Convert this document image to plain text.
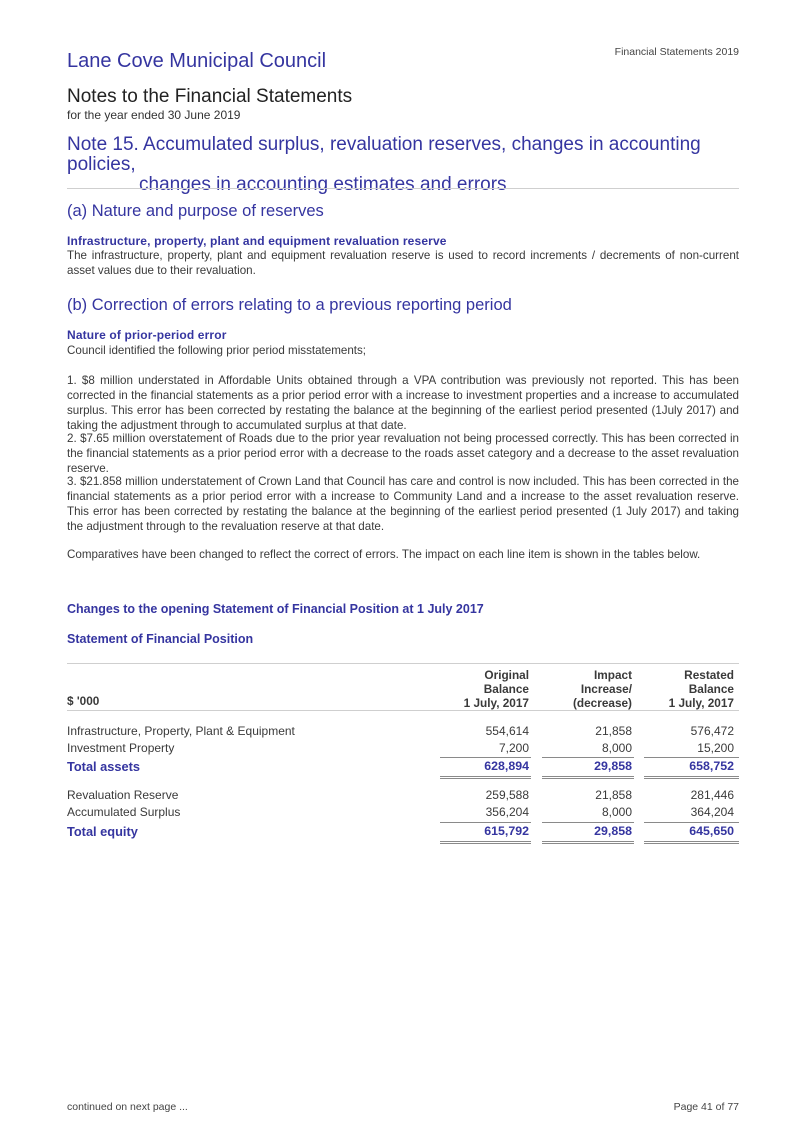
Financial Statements 2019
Lane Cove Municipal Council
Notes to the Financial Statements
for the year ended 30 June 2019
Note 15. Accumulated surplus, revaluation reserves, changes in accounting policies,
changes in accounting estimates and errors
(a) Nature and purpose of reserves
Infrastructure, property, plant and equipment revaluation reserve
The infrastructure, property, plant and equipment revaluation reserve is used to record increments / decrements of non-current asset values due to their revaluation.
(b) Correction of errors relating to a previous reporting period
Nature of prior-period error
Council identified the following prior period misstatements;
1. $8 million understated in Affordable Units obtained through a VPA contribution was previously not reported. This has been corrected in the financial statements as a prior period error with a increase to investment properties and a increase to accumulated surplus. This error has been corrected by restating the balance at the beginning of the earliest period presented (1July 2017) and taking the adjustment through to accumulated surplus at that date.
2. $7.65 million overstatement of Roads due to the prior year revaluation not being processed correctly. This has been corrected in the financial statements as a prior period error with a decrease to the roads asset category and a decrease to the asset revaluation reserve.
3. $21.858 million understatement of Crown Land that Council has care and control is now included. This has been corrected in the financial statements as a prior period error with a increase to Community Land and a increase to the asset revaluation reserve. This error has been corrected by restating the balance at the beginning of the earliest period presented (1 July 2017) and taking the adjustment through to the revaluation reserve at that date.
Comparatives have been changed to reflect the correct of errors. The impact on each line item is shown in the tables below.
Changes to the opening Statement of Financial Position at 1 July 2017
Statement of Financial Position
Original
Balance
1 July, 2017
Impact
Increase/
(decrease)
Restated
Balance
1 July, 2017
$ '000
Infrastructure, Property, Plant & Equipment	554,614	21,858	576,472
Investment Property	7,200	8,000	15,200
Total assets	628,894	29,858	658,752
Revaluation Reserve	259,588	21,858	281,446
Accumulated Surplus	356,204	8,000	364,204
Total equity	615,792	29,858	645,650
continued on next page ...	Page 41 of 77
